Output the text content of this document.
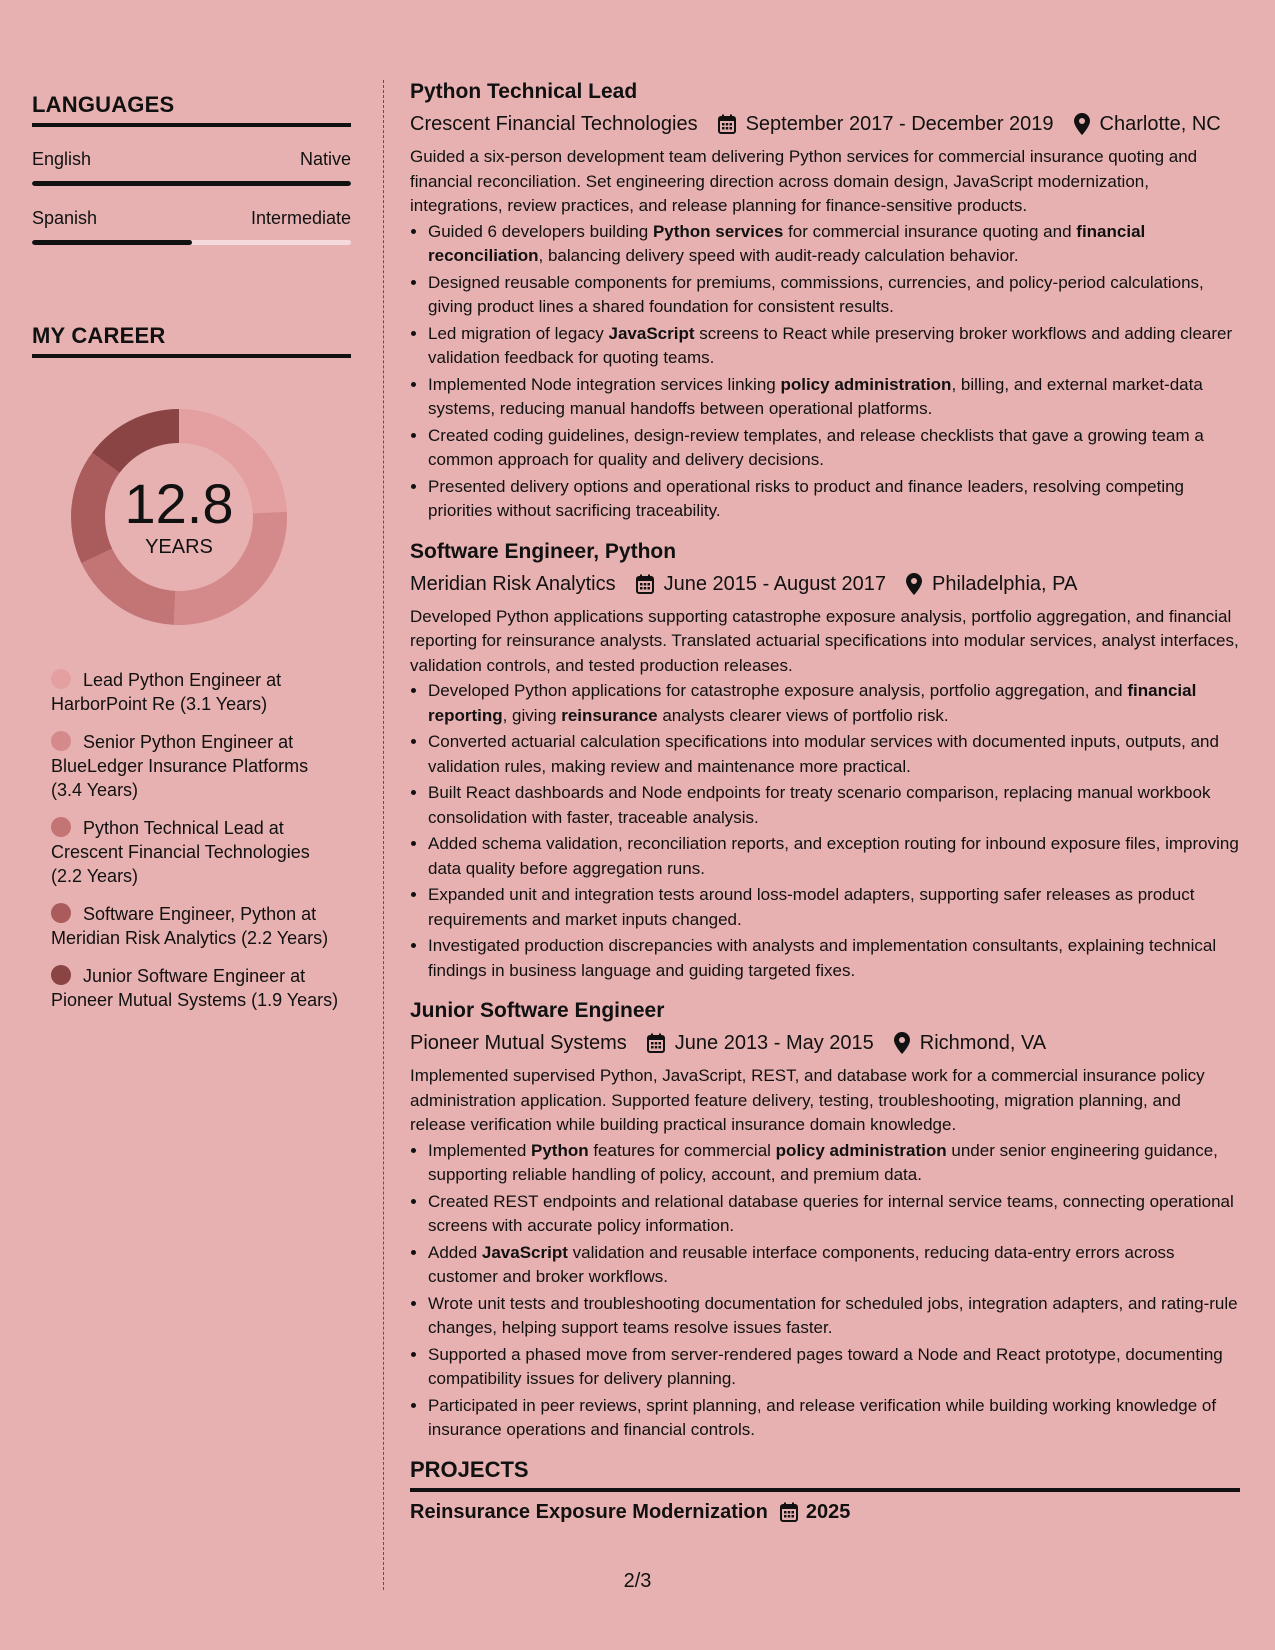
LANGUAGES
English	Native
Spanish	Intermediate
MY CAREER
12.8
YEARS
Lead Python Engineer at HarborPoint Re (3.1 Years)
Senior Python Engineer at BlueLedger Insurance Platforms (3.4 Years)
Python Technical Lead at Crescent Financial Technologies (2.2 Years)
Software Engineer, Python at Meridian Risk Analytics (2.2 Years)
Junior Software Engineer at Pioneer Mutual Systems (1.9 Years)
Python Technical Lead
Crescent Financial Technologies September 2017 - December 2019 Charlotte, NC

Guided a six-person development team delivering Python services for commercial insurance quoting and financial reconciliation. Set engineering direction across domain design, JavaScript modernization, integrations, review practices, and release planning for finance-sensitive products.

• Guided 6 developers building Python services for commercial insurance quoting and financial reconciliation, balancing delivery speed with audit-ready calculation behavior.
• Designed reusable components for premiums, commissions, currencies, and policy-period calculations, giving product lines a shared foundation for consistent results.
• Led migration of legacy JavaScript screens to React while preserving broker workflows and adding clearer validation feedback for quoting teams.
• Implemented Node integration services linking policy administration, billing, and external market-data systems, reducing manual handoffs between operational platforms.
• Created coding guidelines, design-review templates, and release checklists that gave a growing team a common approach for quality and delivery decisions.
• Presented delivery options and operational risks to product and finance leaders, resolving competing priorities without sacrificing traceability.
Software Engineer, Python
Meridian Risk Analytics June 2015 - August 2017 Philadelphia, PA

Developed Python applications supporting catastrophe exposure analysis, portfolio aggregation, and financial reporting for reinsurance analysts. Translated actuarial specifications into modular services, analyst interfaces, validation controls, and tested production releases.

• Developed Python applications for catastrophe exposure analysis, portfolio aggregation, and financial reporting, giving reinsurance analysts clearer views of portfolio risk.
• Converted actuarial calculation specifications into modular services with documented inputs, outputs, and validation rules, making review and maintenance more practical.
• Built React dashboards and Node endpoints for treaty scenario comparison, replacing manual workbook consolidation with faster, traceable analysis.
• Added schema validation, reconciliation reports, and exception routing for inbound exposure files, improving data quality before aggregation runs.
• Expanded unit and integration tests around loss-model adapters, supporting safer releases as product requirements and market inputs changed.
• Investigated production discrepancies with analysts and implementation consultants, explaining technical findings in business language and guiding targeted fixes.
Junior Software Engineer
Pioneer Mutual Systems June 2013 - May 2015 Richmond, VA

Implemented supervised Python, JavaScript, REST, and database work for a commercial insurance policy administration application. Supported feature delivery, testing, troubleshooting, migration planning, and release verification while building practical insurance domain knowledge.

• Implemented Python features for commercial policy administration under senior engineering guidance, supporting reliable handling of policy, account, and premium data.
• Created REST endpoints and relational database queries for internal service teams, connecting operational screens with accurate policy information.
• Added JavaScript validation and reusable interface components, reducing data-entry errors across customer and broker workflows.
• Wrote unit tests and troubleshooting documentation for scheduled jobs, integration adapters, and rating-rule changes, helping support teams resolve issues faster.
• Supported a phased move from server-rendered pages toward a Node and React prototype, documenting compatibility issues for delivery planning.
• Participated in peer reviews, sprint planning, and release verification while building working knowledge of insurance operations and financial controls.
PROJECTS
Reinsurance Exposure Modernization 2025
2/3
